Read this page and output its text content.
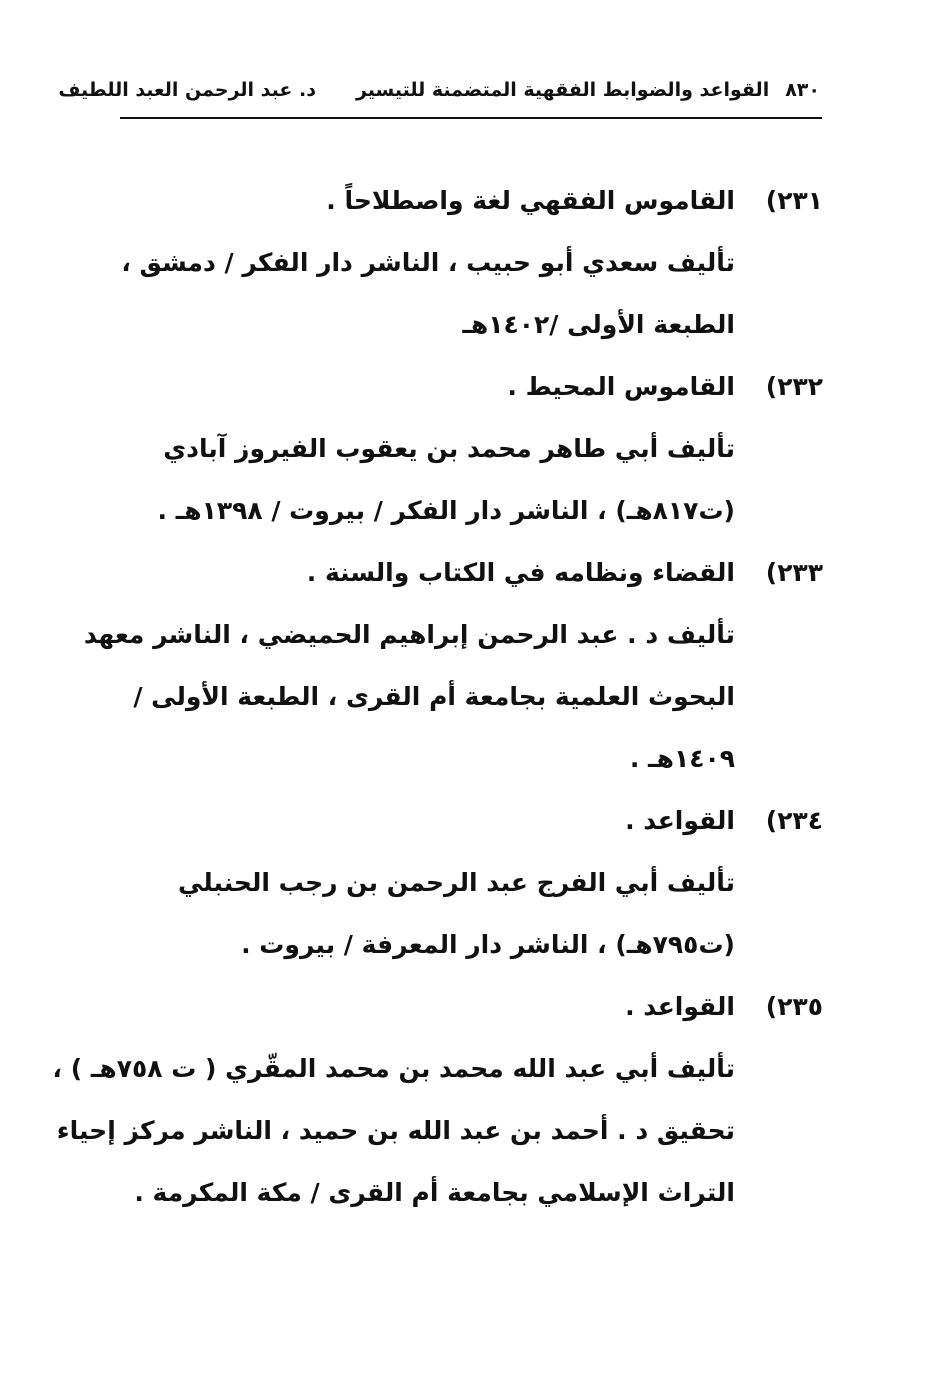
٨٣٠
القواعد والضوابط الفقهية المتضمنة للتيسير
د. عبد الرحمن العبد اللطيف
٢٣١)
القاموس الفقهي لغة واصطلاحاً .
تأليف سعدي أبو حبيب ، الناشر دار الفكر / دمشق ،
الطبعة الأولى /١٤٠٢هـ
٢٣٢)
القاموس المحيط .
تأليف أبي طاهر محمد بن يعقوب الفيروز آبادي
(ت٨١٧هـ) ، الناشر دار الفكر / بيروت / ١٣٩٨هـ .
٢٣٣)
القضاء ونظامه في الكتاب والسنة .
تأليف د . عبد الرحمن إبراهيم الحميضي ، الناشر معهد
البحوث العلمية بجامعة أم القرى ، الطبعة الأولى /
١٤٠٩هـ .
٢٣٤)
القواعد .
تأليف أبي الفرج عبد الرحمن بن رجب الحنبلي
(ت٧٩٥هـ) ، الناشر دار المعرفة / بيروت .
٢٣٥)
القواعد .
تأليف أبي عبد الله محمد بن محمد المقّري ( ت ٧٥٨هـ ) ،
تحقيق د . أحمد بن عبد الله بن حميد ، الناشر مركز إحياء
التراث الإسلامي بجامعة أم القرى / مكة المكرمة .
